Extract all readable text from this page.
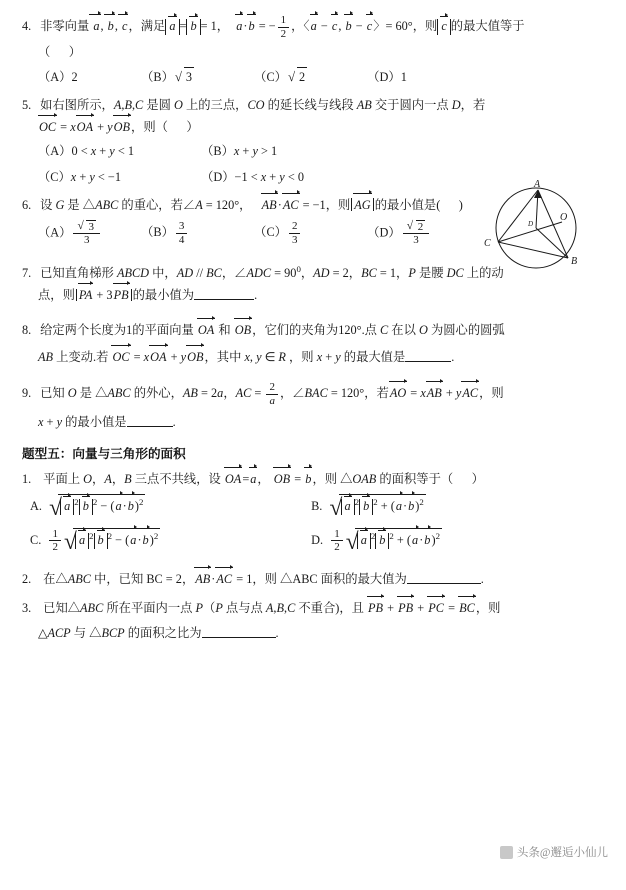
4. 非零向量 a, b, c，满足 a = b = 1，  a·b = − $\frac{1}{2}$ ，〈a − c, b − c〉= 60°，则 c 的最大值等于
（      ）
（A）2	（B） √ 3	（C） √ 2	（D）1
5. 如右图所示，A,B,C 是圆 O 上的三点，CO 的延长线与线段 AB 交于圆内一点 D，若
OC = xOA + yOB，则（      ）
（A）0 < x + y < 1	（B）x + y > 1
（C）x + y < −1	（D）−1 < x + y < 0
A
O
B
C
D
6. 设 G 是 △ABC 的重心，若∠A = 120°，   AB·AC = −1，则 AG 的最小值是(      )
$(A) \frac{√ 3}{3}$	$(B) \frac{3}{4}$	$(C) \frac{2}{3}$	$(D) \frac{√ 2}{3}$
7. 已知直角梯形 ABCD 中，AD // BC，∠ADC = $90^0$，AD = 2，BC = 1，P 是腰 DC 上的动
点，则 PA + 3PB 的最小值为	.
8. 给定两个长度为1的平面向量 OA 和 OB，它们的夹角为120°.点 C 在以 O 为圆心的圆弧
AB 上变动.若 OC = xOA + yOB，其中 x, y ∈ R ，则 x + y 的最大值是	.
9. 已知 O 是 △ABC 的外心，AB = 2a，AC = $\frac{2}{a}$ ，∠BAC = 120°，若AO = xAB + yAC，则
x + y 的最小值是	.
题型五：向量与三角形的面积
1.  平面上 O，A，B 三点不共线，设 OA=a， OB = b，则 △OAB 的面积等于（      ）
A. √ a $^2$ b $^2 - (a\cdot b)^2$	B. √ a $^2$ b $^2 + (a\cdot b)^2$
C. $\frac{1}{2}$ √ a $^2$ b $^2 - (a\cdot b)^2$	D. $\frac{1}{2}$ √ a $^2$ b $^2 + (a\cdot b)^2$
2.  在△ABC 中，已知 BC = 2，AB·AC = 1，则 △ABC 面积的最大值为	.
3.  已知△ABC 所在平面内一点 P（P 点与点 A,B,C 不重合)，且 PB + PB + PC = BC，则
△ACP 与 △BCP 的面积之比为	.
头条@邂逅小仙儿
